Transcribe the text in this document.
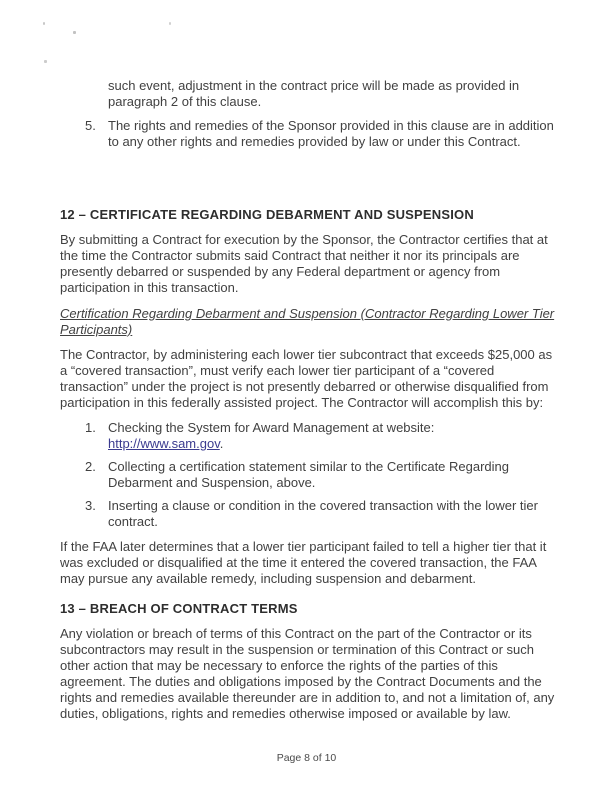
such event, adjustment in the contract price will be made as provided in paragraph 2 of this clause.

5. The rights and remedies of the Sponsor provided in this clause are in addition to any other rights and remedies provided by law or under this Contract.
12 – CERTIFICATE REGARDING DEBARMENT AND SUSPENSION

By submitting a Contract for execution by the Sponsor, the Contractor certifies that at the time the Contractor submits said Contract that neither it nor its principals are presently debarred or suspended by any Federal department or agency from participation in this transaction.

Certification Regarding Debarment and Suspension (Contractor Regarding Lower Tier Participants)

The Contractor, by administering each lower tier subcontract that exceeds $25,000 as a “covered transaction”, must verify each lower tier participant of a “covered transaction” under the project is not presently debarred or otherwise disqualified from participation in this federally assisted project. The Contractor will accomplish this by:

1. Checking the System for Award Management at website:
http://www.sam.gov.
2. Collecting a certification statement similar to the Certificate Regarding Debarment and Suspension, above.
3. Inserting a clause or condition in the covered transaction with the lower tier contract.

If the FAA later determines that a lower tier participant failed to tell a higher tier that it was excluded or disqualified at the time it entered the covered transaction, the FAA may pursue any available remedy, including suspension and debarment.

13 – BREACH OF CONTRACT TERMS

Any violation or breach of terms of this Contract on the part of the Contractor or its subcontractors may result in the suspension or termination of this Contract or such other action that may be necessary to enforce the rights of the parties of this agreement. The duties and obligations imposed by the Contract Documents and the rights and remedies available thereunder are in addition to, and not a limitation of, any duties, obligations, rights and remedies otherwise imposed or available by law.

Page 8 of 10
